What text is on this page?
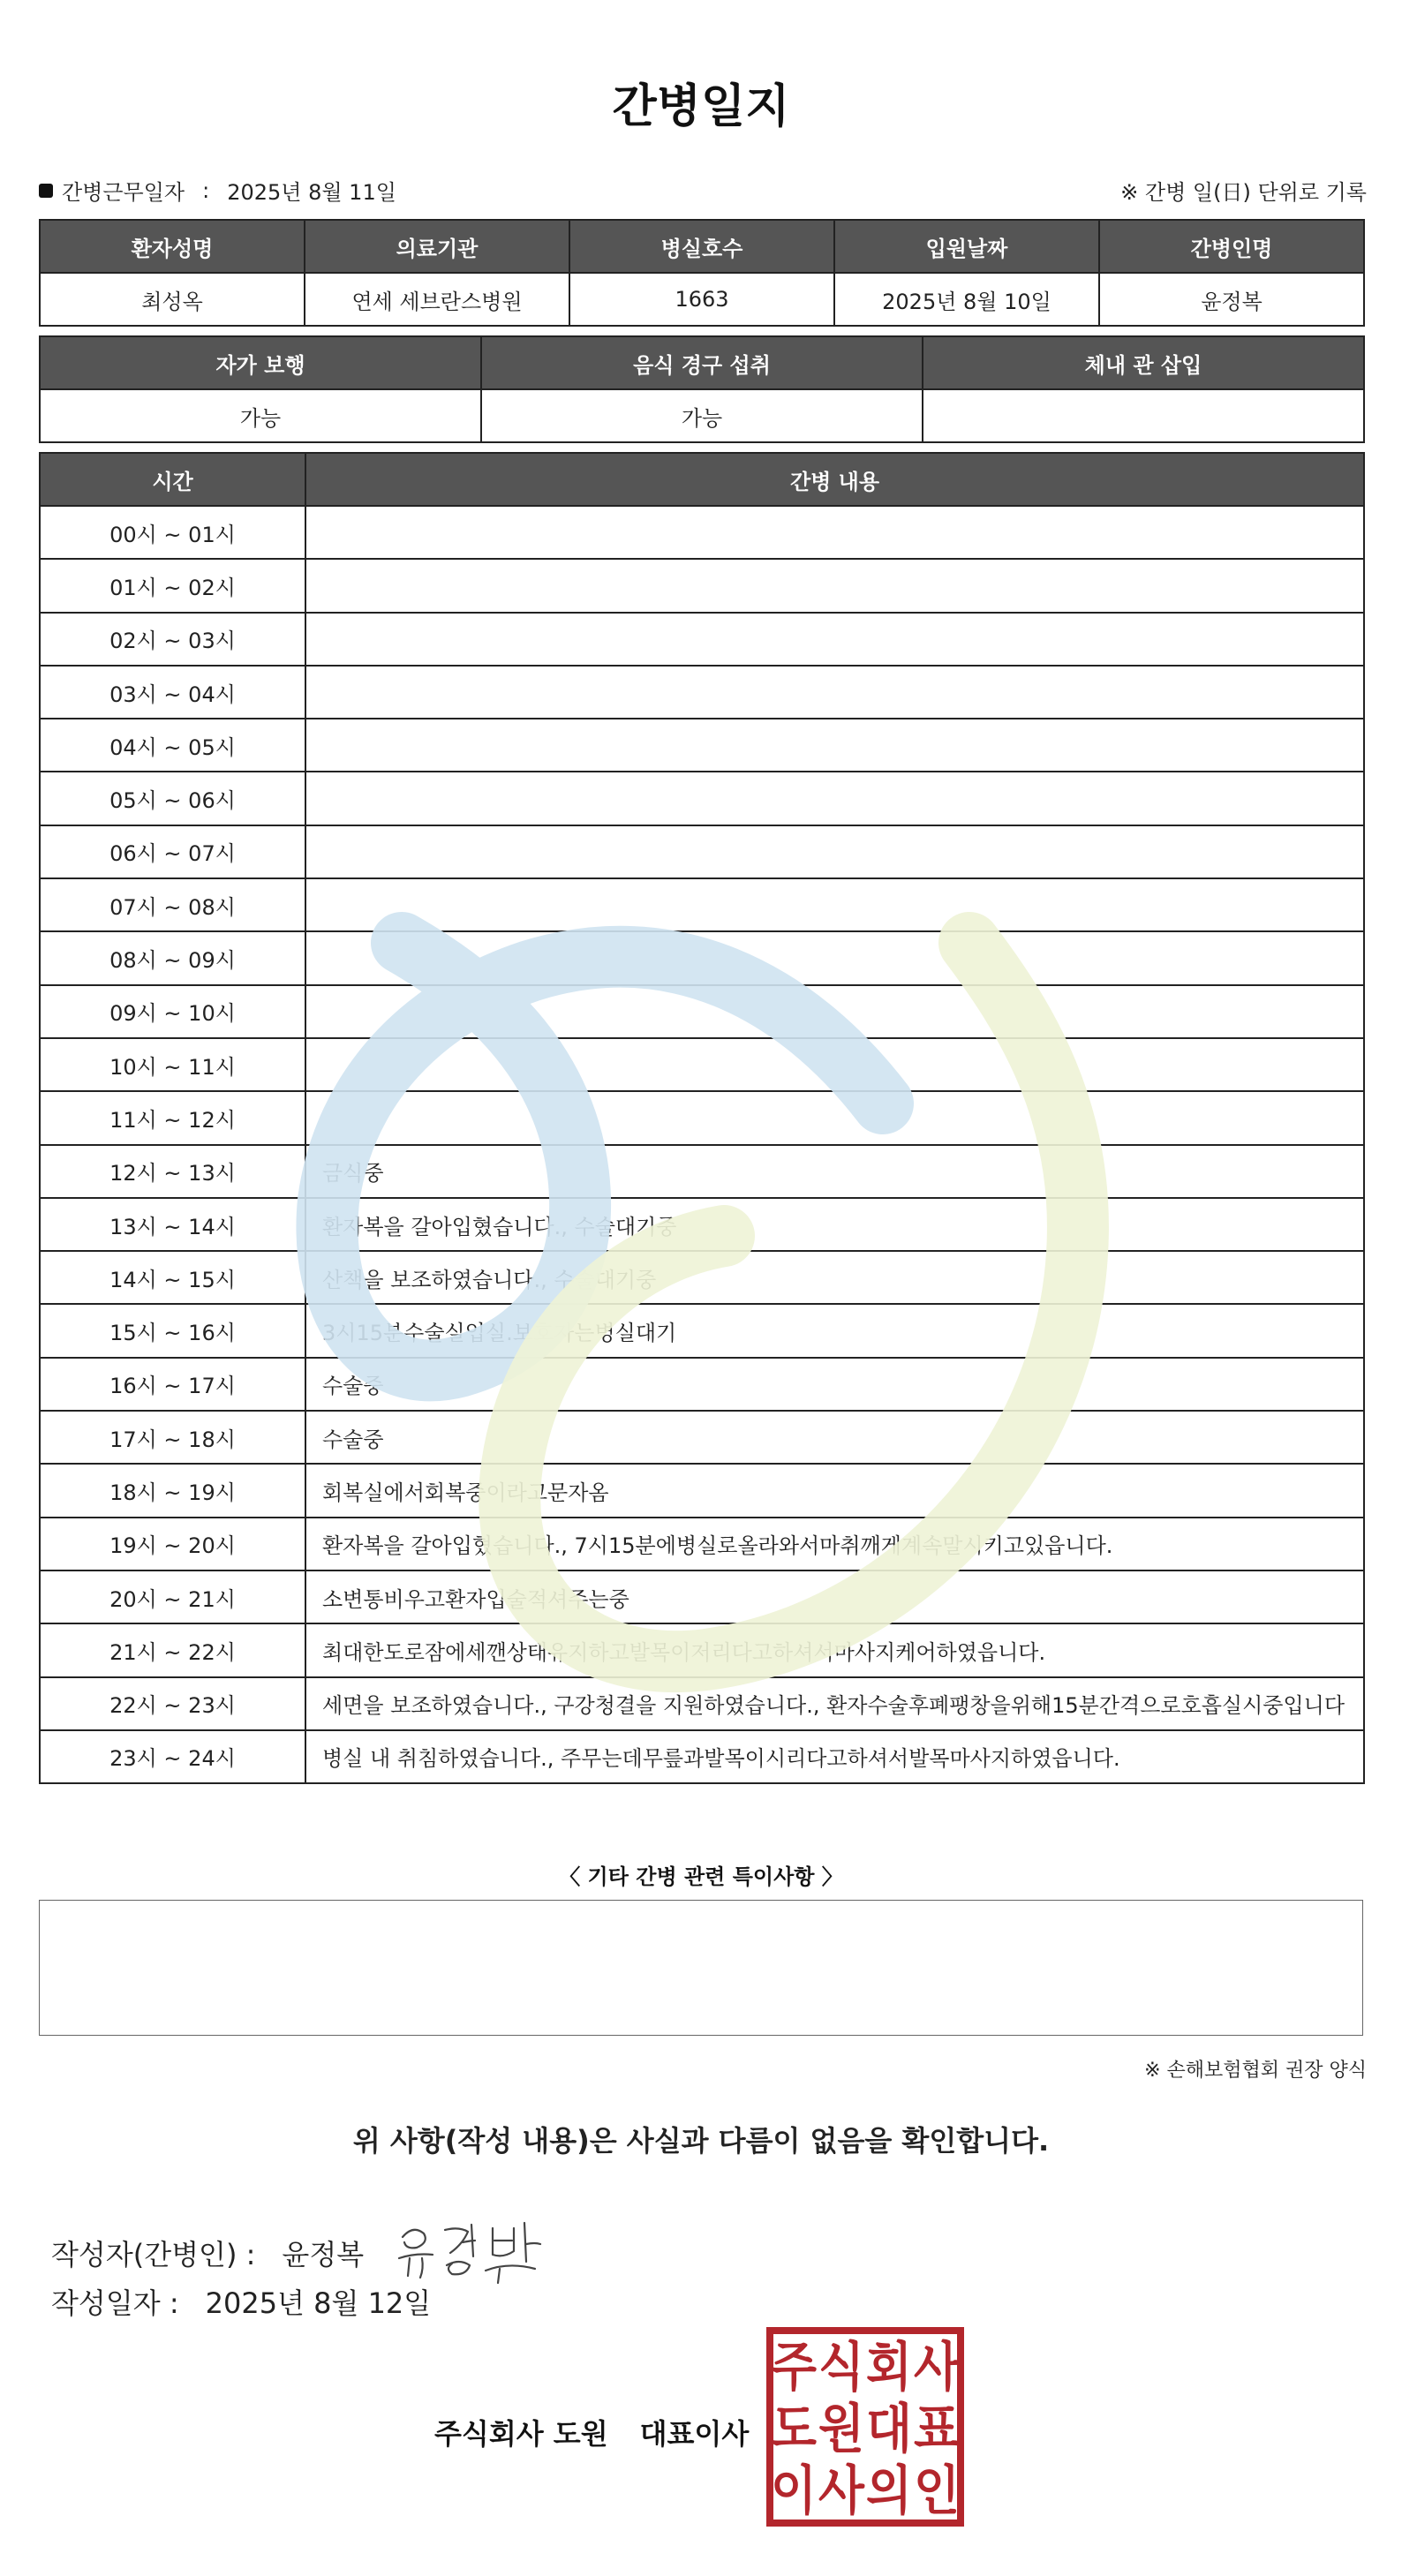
간병일지
간병근무일자 : 2025년 8월 11일	※ 간병 일(日) 단위로 기록
환자성명	의료기관	병실호수	입원날짜	간병인명
최성옥	연세 세브란스병원	1663	2025년 8월 10일	윤정복
자가 보행	음식 경구 섭취	체내 관 삽입
가능	가능	
시간	간병 내용
00시 ~ 01시	
01시 ~ 02시	
02시 ~ 03시	
03시 ~ 04시	
04시 ~ 05시	
05시 ~ 06시	
06시 ~ 07시	
07시 ~ 08시	
08시 ~ 09시	
09시 ~ 10시	
10시 ~ 11시	
11시 ~ 12시	
12시 ~ 13시	금식중
13시 ~ 14시	환자복을 갈아입혔습니다., 수술대기중
14시 ~ 15시	산책을 보조하였습니다., 수술대기중
15시 ~ 16시	3시15분수술실입실.보호자는병실대기
16시 ~ 17시	수술중
17시 ~ 18시	수술중
18시 ~ 19시	회복실에서회복중이라고문자옴
19시 ~ 20시	환자복을 갈아입혔습니다., 7시15분에병실로올라와서마취깨게계속말시키고있읍니다.
20시 ~ 21시	소변통비우고환자입술적셔주는중
21시 ~ 22시	최대한도로잠에세깬상태유지하고발목이저리다고하셔서마사지케어하였읍니다.
22시 ~ 23시	세면을 보조하였습니다., 구강청결을 지원하였습니다., 환자수술후폐팽창을위해15분간격으로호흡실시중입니다
23시 ~ 24시	병실 내 취침하였습니다., 주무는데무릎과발목이시리다고하셔서발목마사지하였읍니다.
〈 기타 간병 관련 특이사항 〉
※ 손해보험협회 권장 양식
위 사항(작성 내용)은 사실과 다름이 없음을 확인합니다.
작성자(간병인) : 윤정복
작성일자 : 2025년 8월 12일
주식회사 도원 대표이사
주 식 회 사
도 원 대 표
이 사 의 인
